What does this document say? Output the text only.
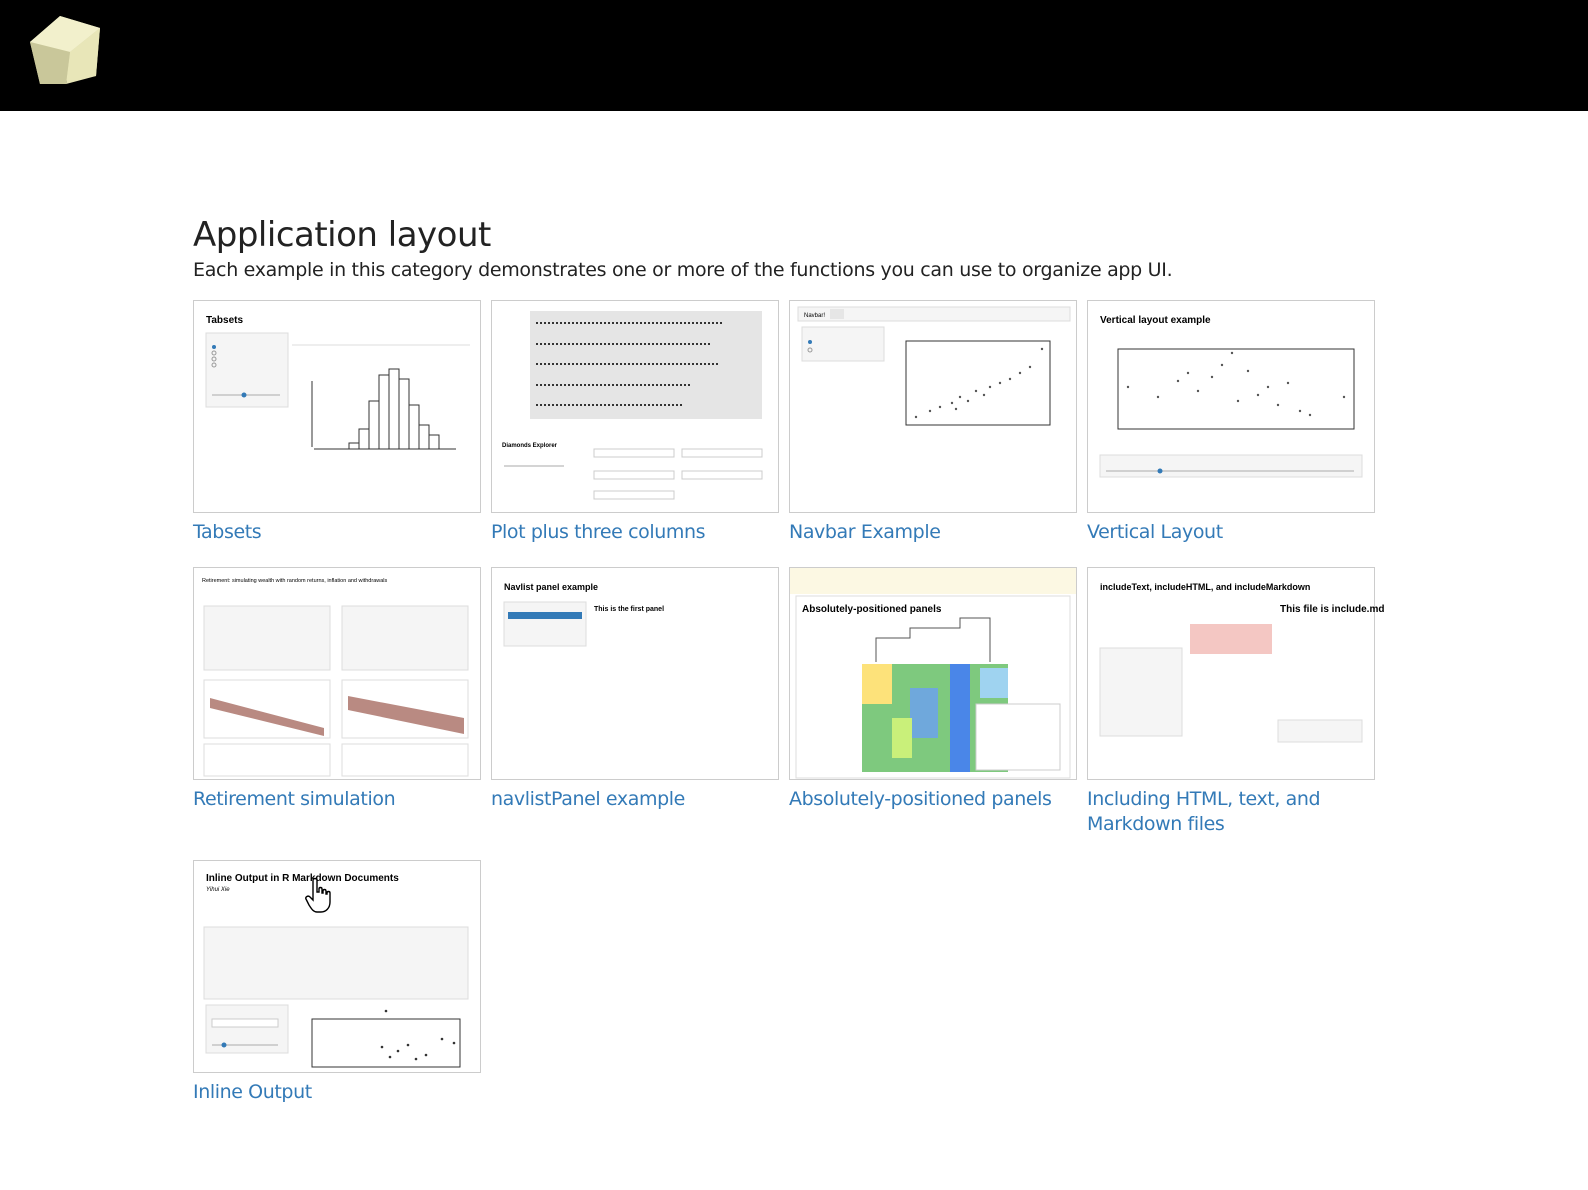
Application layout
Each example in this category demonstrates one or more of the functions you can use to organize app UI.
Tabsets
Tabsets
Diamonds Explorer
Plot plus three columns
Navbar!
Navbar Example
Vertical layout example
Vertical Layout
Retirement: simulating wealth with random returns, inflation and withdrawals
Retirement simulation
Navlist panel example
This is the first panel
navlistPanel example
Absolutely-positioned panels
Absolutely-positioned panels
includeText, includeHTML, and includeMarkdown
This file is include.md
Including HTML, text, and Markdown files
Inline Output in R Markdown Documents
Yihui Xie
Inline Output
